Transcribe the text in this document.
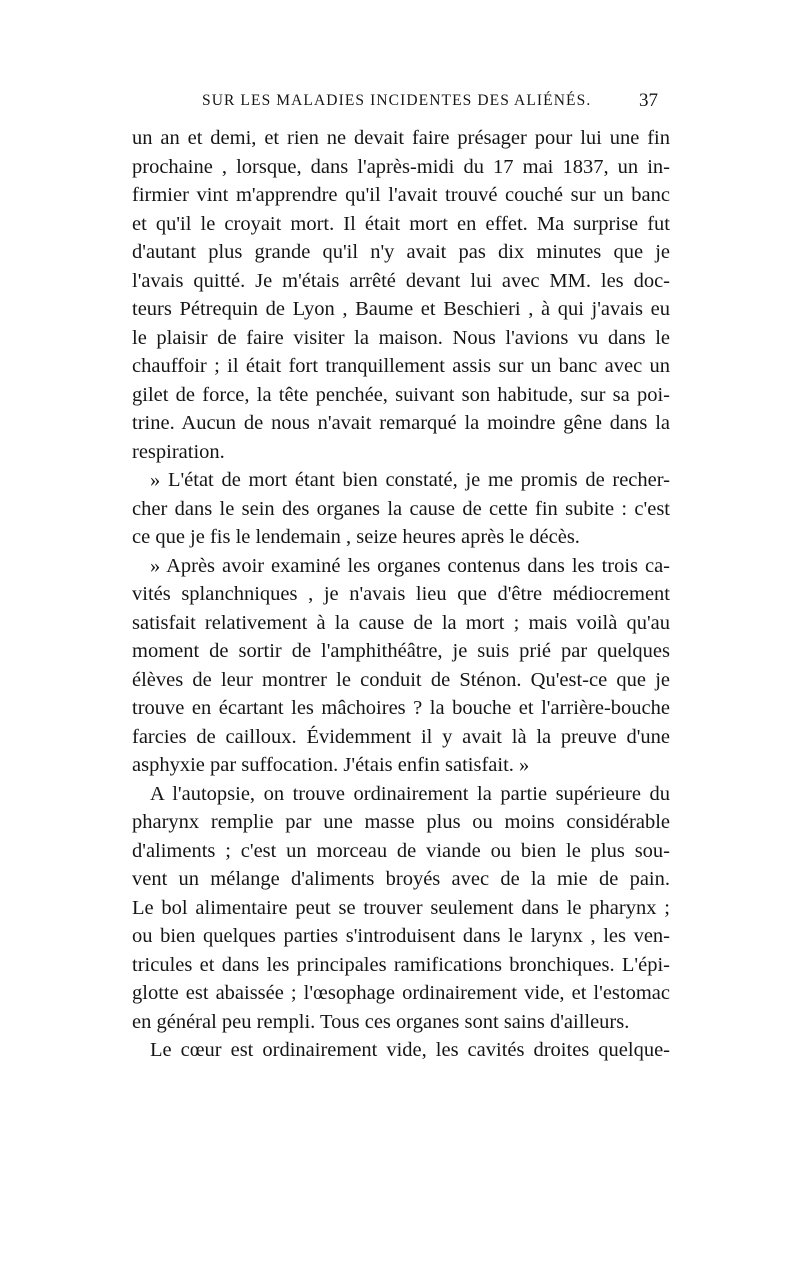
SUR LES MALADIES INCIDENTES DES ALIÉNÉS.	37
un an et demi, et rien ne devait faire présager pour lui une fin
prochaine , lorsque, dans l'après-midi du 17 mai 1837, un in-
firmier vint m'apprendre qu'il l'avait trouvé couché sur un banc
et qu'il le croyait mort. Il était mort en effet. Ma surprise fut
d'autant plus grande qu'il n'y avait pas dix minutes que je
l'avais quitté. Je m'étais arrêté devant lui avec MM. les doc-
teurs Pétrequin de Lyon , Baume et Beschieri , à qui j'avais eu
le plaisir de faire visiter la maison. Nous l'avions vu dans le
chauffoir ; il était fort tranquillement assis sur un banc avec un
gilet de force, la tête penchée, suivant son habitude, sur sa poi-
trine. Aucun de nous n'avait remarqué la moindre gêne dans la
respiration.
» L'état de mort étant bien constaté, je me promis de recher-
cher dans le sein des organes la cause de cette fin subite : c'est
ce que je fis le lendemain , seize heures après le décès.
» Après avoir examiné les organes contenus dans les trois ca-
vités splanchniques , je n'avais lieu que d'être médiocrement
satisfait relativement à la cause de la mort ; mais voilà qu'au
moment de sortir de l'amphithéâtre, je suis prié par quelques
élèves de leur montrer le conduit de Sténon. Qu'est-ce que je
trouve en écartant les mâchoires ? la bouche et l'arrière-bouche
farcies de cailloux. Évidemment il y avait là la preuve d'une
asphyxie par suffocation. J'étais enfin satisfait. »
A l'autopsie, on trouve ordinairement la partie supérieure du
pharynx remplie par une masse plus ou moins considérable
d'aliments ; c'est un morceau de viande ou bien le plus sou-
vent un mélange d'aliments broyés avec de la mie de pain.
Le bol alimentaire peut se trouver seulement dans le pharynx ;
ou bien quelques parties s'introduisent dans le larynx , les ven-
tricules et dans les principales ramifications bronchiques. L'épi-
glotte est abaissée ; l'œsophage ordinairement vide, et l'estomac
en général peu rempli. Tous ces organes sont sains d'ailleurs.
Le cœur est ordinairement vide, les cavités droites quelque-
